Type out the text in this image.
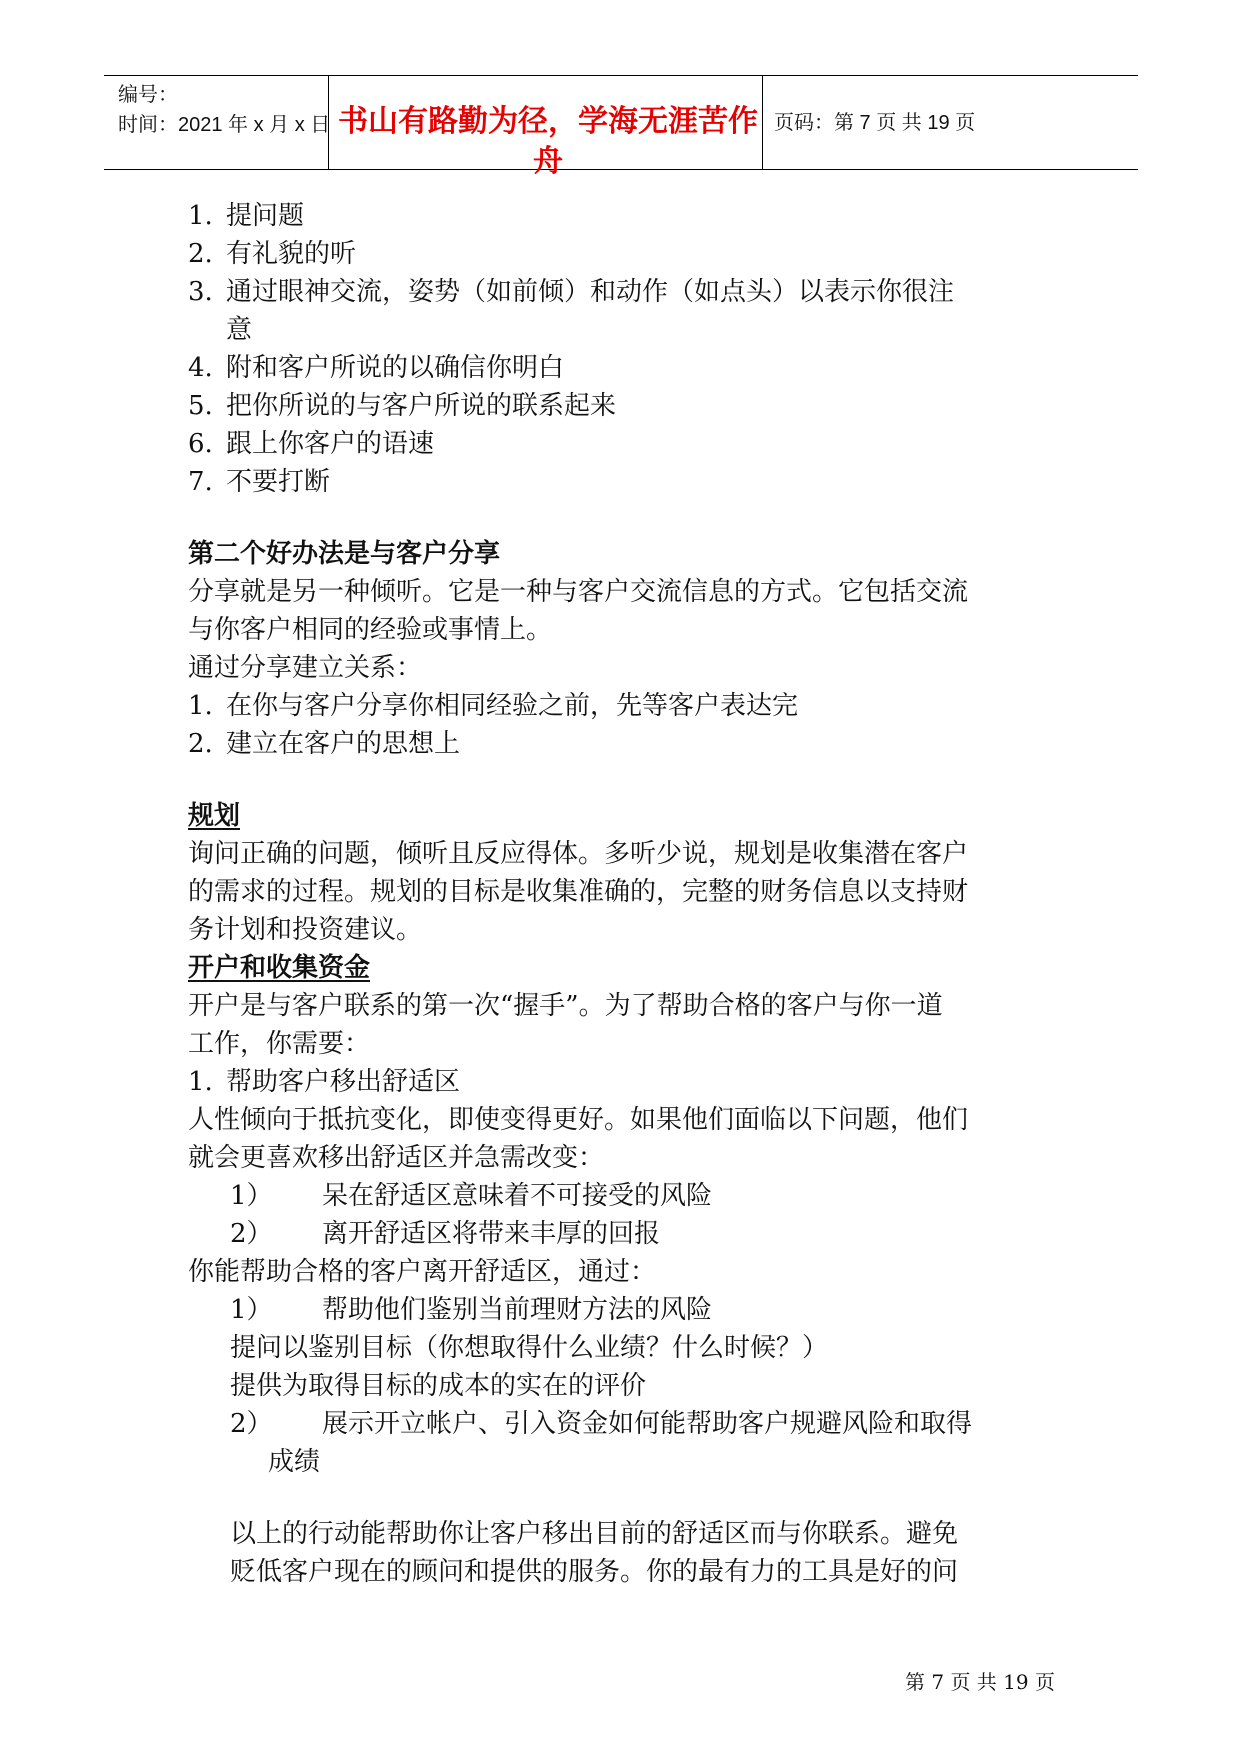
编号：
时间：2021 年 x 月 x 日 书山有路勤为径，学海无涯苦作舟
页码：第 7 页 共 19 页
1. 提问题
2. 有礼貌的听
3. 通过眼神交流，姿势（如前倾）和动作（如点头）以表示你很注
意
4. 附和客户所说的以确信你明白
5. 把你所说的与客户所说的联系起来
6. 跟上你客户的语速
7. 不要打断
第二个好办法是与客户分享
分享就是另一种倾听。它是一种与客户交流信息的方式。它包括交流
与你客户相同的经验或事情上。
通过分享建立关系：
1. 在你与客户分享你相同经验之前，先等客户表达完
2. 建立在客户的思想上
规划
询问正确的问题，倾听且反应得体。多听少说，规划是收集潜在客户
的需求的过程。规划的目标是收集准确的，完整的财务信息以支持财
务计划和投资建议。
开户和收集资金
开户是与客户联系的第一次“握手”。为了帮助合格的客户与你一道
工作，你需要：
1. 帮助客户移出舒适区
人性倾向于抵抗变化，即使变得更好。如果他们面临以下问题，他们
就会更喜欢移出舒适区并急需改变：
1） 呆在舒适区意味着不可接受的风险
2） 离开舒适区将带来丰厚的回报
你能帮助合格的客户离开舒适区，通过：
1） 帮助他们鉴别当前理财方法的风险
提问以鉴别目标（你想取得什么业绩？什么时候？）
提供为取得目标的成本的实在的评价
2） 展示开立帐户、引入资金如何能帮助客户规避风险和取得
成绩
以上的行动能帮助你让客户移出目前的舒适区而与你联系。避免
贬低客户现在的顾问和提供的服务。你的最有力的工具是好的问
第 7 页 共 19 页
